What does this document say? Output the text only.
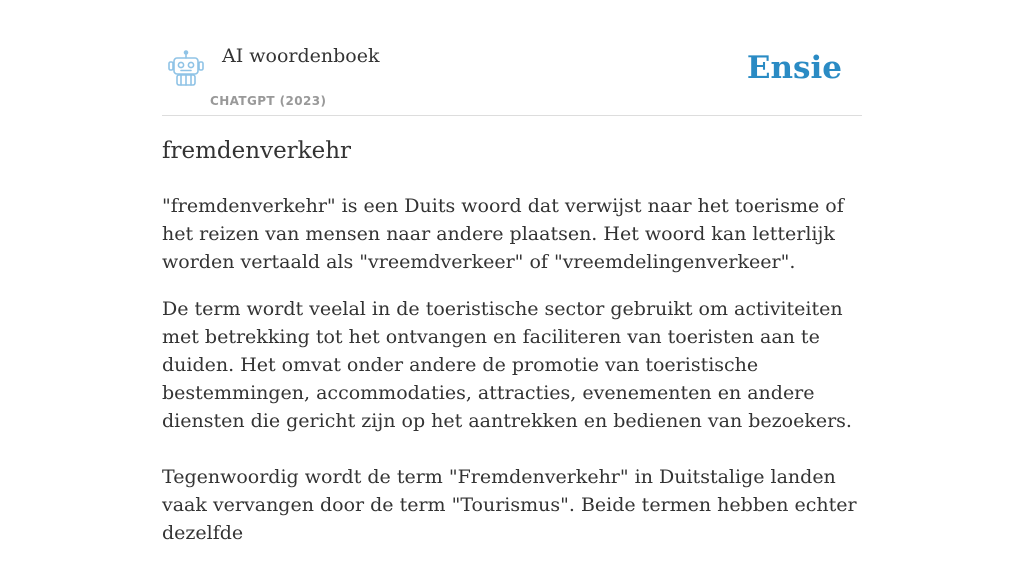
AI woordenboek
CHATGPT (2023)
Ensie
fremdenverkehr

"fremdenverkehr" is een Duits woord dat verwijst naar het toerisme of het reizen van mensen naar andere plaatsen. Het woord kan letterlijk worden vertaald als "vreemdverkeer" of "vreemdelingenverkeer".

De term wordt veelal in de toeristische sector gebruikt om activiteiten met betrekking tot het ontvangen en faciliteren van toeristen aan te duiden. Het omvat onder andere de promotie van toeristische bestemmingen, accommodaties, attracties, evenementen en andere diensten die gericht zijn op het aantrekken en bedienen van bezoekers.

Tegenwoordig wordt de term "Fremdenverkehr" in Duitstalige landen vaak vervangen door de term "Tourismus". Beide termen hebben echter dezelfde
